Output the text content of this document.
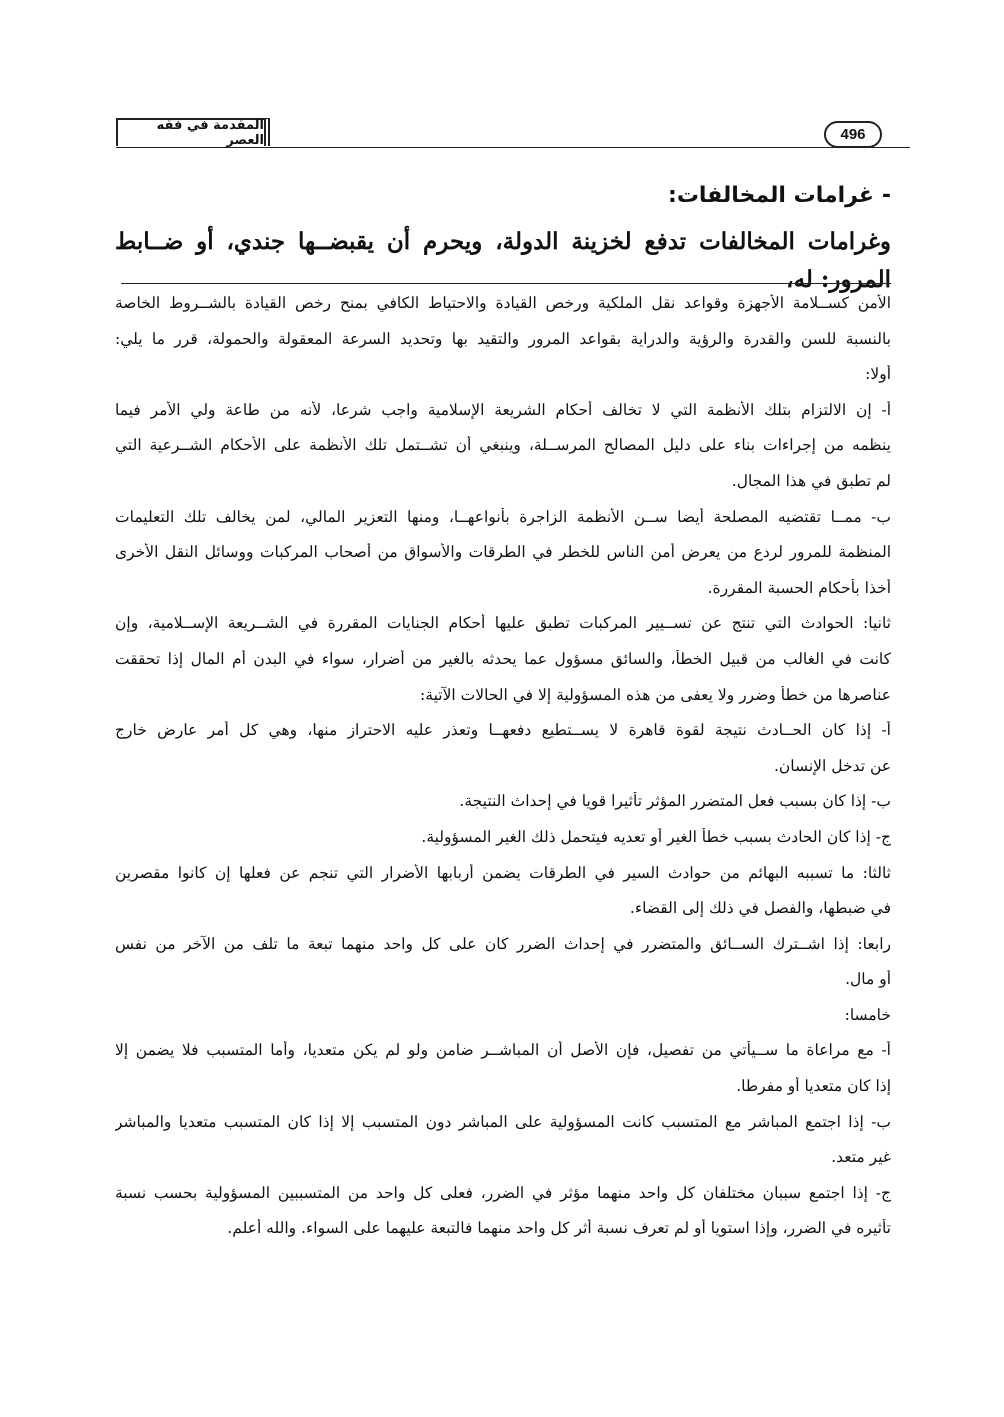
المقدمة في فقه العصر	496
-
غرامات المخالفات:

وغرامات المخالفات تدفع لخزينة الدولة، ويحرم أن يقبضــها جندي، أو ضــابط المرور: له،

الأمن كســلامة الأجهزة وقواعد نقل الملكية ورخص القيادة والاحتياط الكافي بمنح رخص القيادة بالشــروط الخاصة
بالنسبة للسن والقدرة والرؤية والدراية بقواعد المرور والتقيد بها وتحديد السرعة المعقولة والحمولة، قرر ما يلي:
أولا:
أ- إن الالتزام بتلك الأنظمة التي لا تخالف أحكام الشريعة الإسلامية واجب شرعا، لأنه من طاعة ولي الأمر فيما
ينظمه من إجراءات بناء على دليل المصالح المرســلة، وينبغي أن تشــتمل تلك الأنظمة على الأحكام الشــرعية التي
لم تطبق في هذا المجال.
ب- ممــا تقتضيه المصلحة أيضا ســن الأنظمة الزاجرة بأنواعهــا، ومنها التعزير المالي، لمن يخالف تلك التعليمات
المنظمة للمرور لردع من يعرض أمن الناس للخطر في الطرقات والأسواق من أصحاب المركبات ووسائل النقل الأخرى
أخذا بأحكام الحسبة المقررة.
ثانيا: الحوادث التي تنتج عن تســيير المركبات تطبق عليها أحكام الجنايات المقررة في الشــريعة الإســلامية، وإن
كانت في الغالب من قبيل الخطأ، والسائق مسؤول عما يحدثه بالغير من أضرار، سواء في البدن أم المال إذا تحققت
عناصرها من خطأ وضرر ولا يعفى من هذه المسؤولية إلا في الحالات الآتية:
أ- إذا كان الحــادث نتيجة لقوة قاهرة لا يســتطيع دفعهــا وتعذر عليه الاحتراز منها، وهي كل أمر عارض خارج
عن تدخل الإنسان.
ب- إذا كان بسبب فعل المتضرر المؤثر تأثيرا قويا في إحداث النتيجة.
ج- إذا كان الحادث بسبب خطأ الغير أو تعديه فيتحمل ذلك الغير المسؤولية.
ثالثا: ما تسببه البهائم من حوادث السير في الطرقات يضمن أربابها الأضرار التي تنجم عن فعلها إن كانوا مقصرين
في ضبطها، والفصل في ذلك إلى القضاء.
رابعا: إذا اشــترك الســائق والمتضرر في إحداث الضرر كان على كل واحد منهما تبعة ما تلف من الآخر من نفس
أو مال.
خامسا:
أ- مع مراعاة ما ســيأتي من تفصيل، فإن الأصل أن المباشــر ضامن ولو لم يكن متعديا، وأما المتسبب فلا يضمن إلا
إذا كان متعديا أو مفرطا.
ب- إذا اجتمع المباشر مع المتسبب كانت المسؤولية على المباشر دون المتسبب إلا إذا كان المتسبب متعديا والمباشر
غير متعد.
ج- إذا اجتمع سببان مختلفان كل واحد منهما مؤثر في الضرر، فعلى كل واحد من المتسببين المسؤولية بحسب نسبة
تأثيره في الضرر، وإذا استويا أو لم تعرف نسبة أثر كل واحد منهما فالتبعة عليهما على السواء. والله أعلم.
